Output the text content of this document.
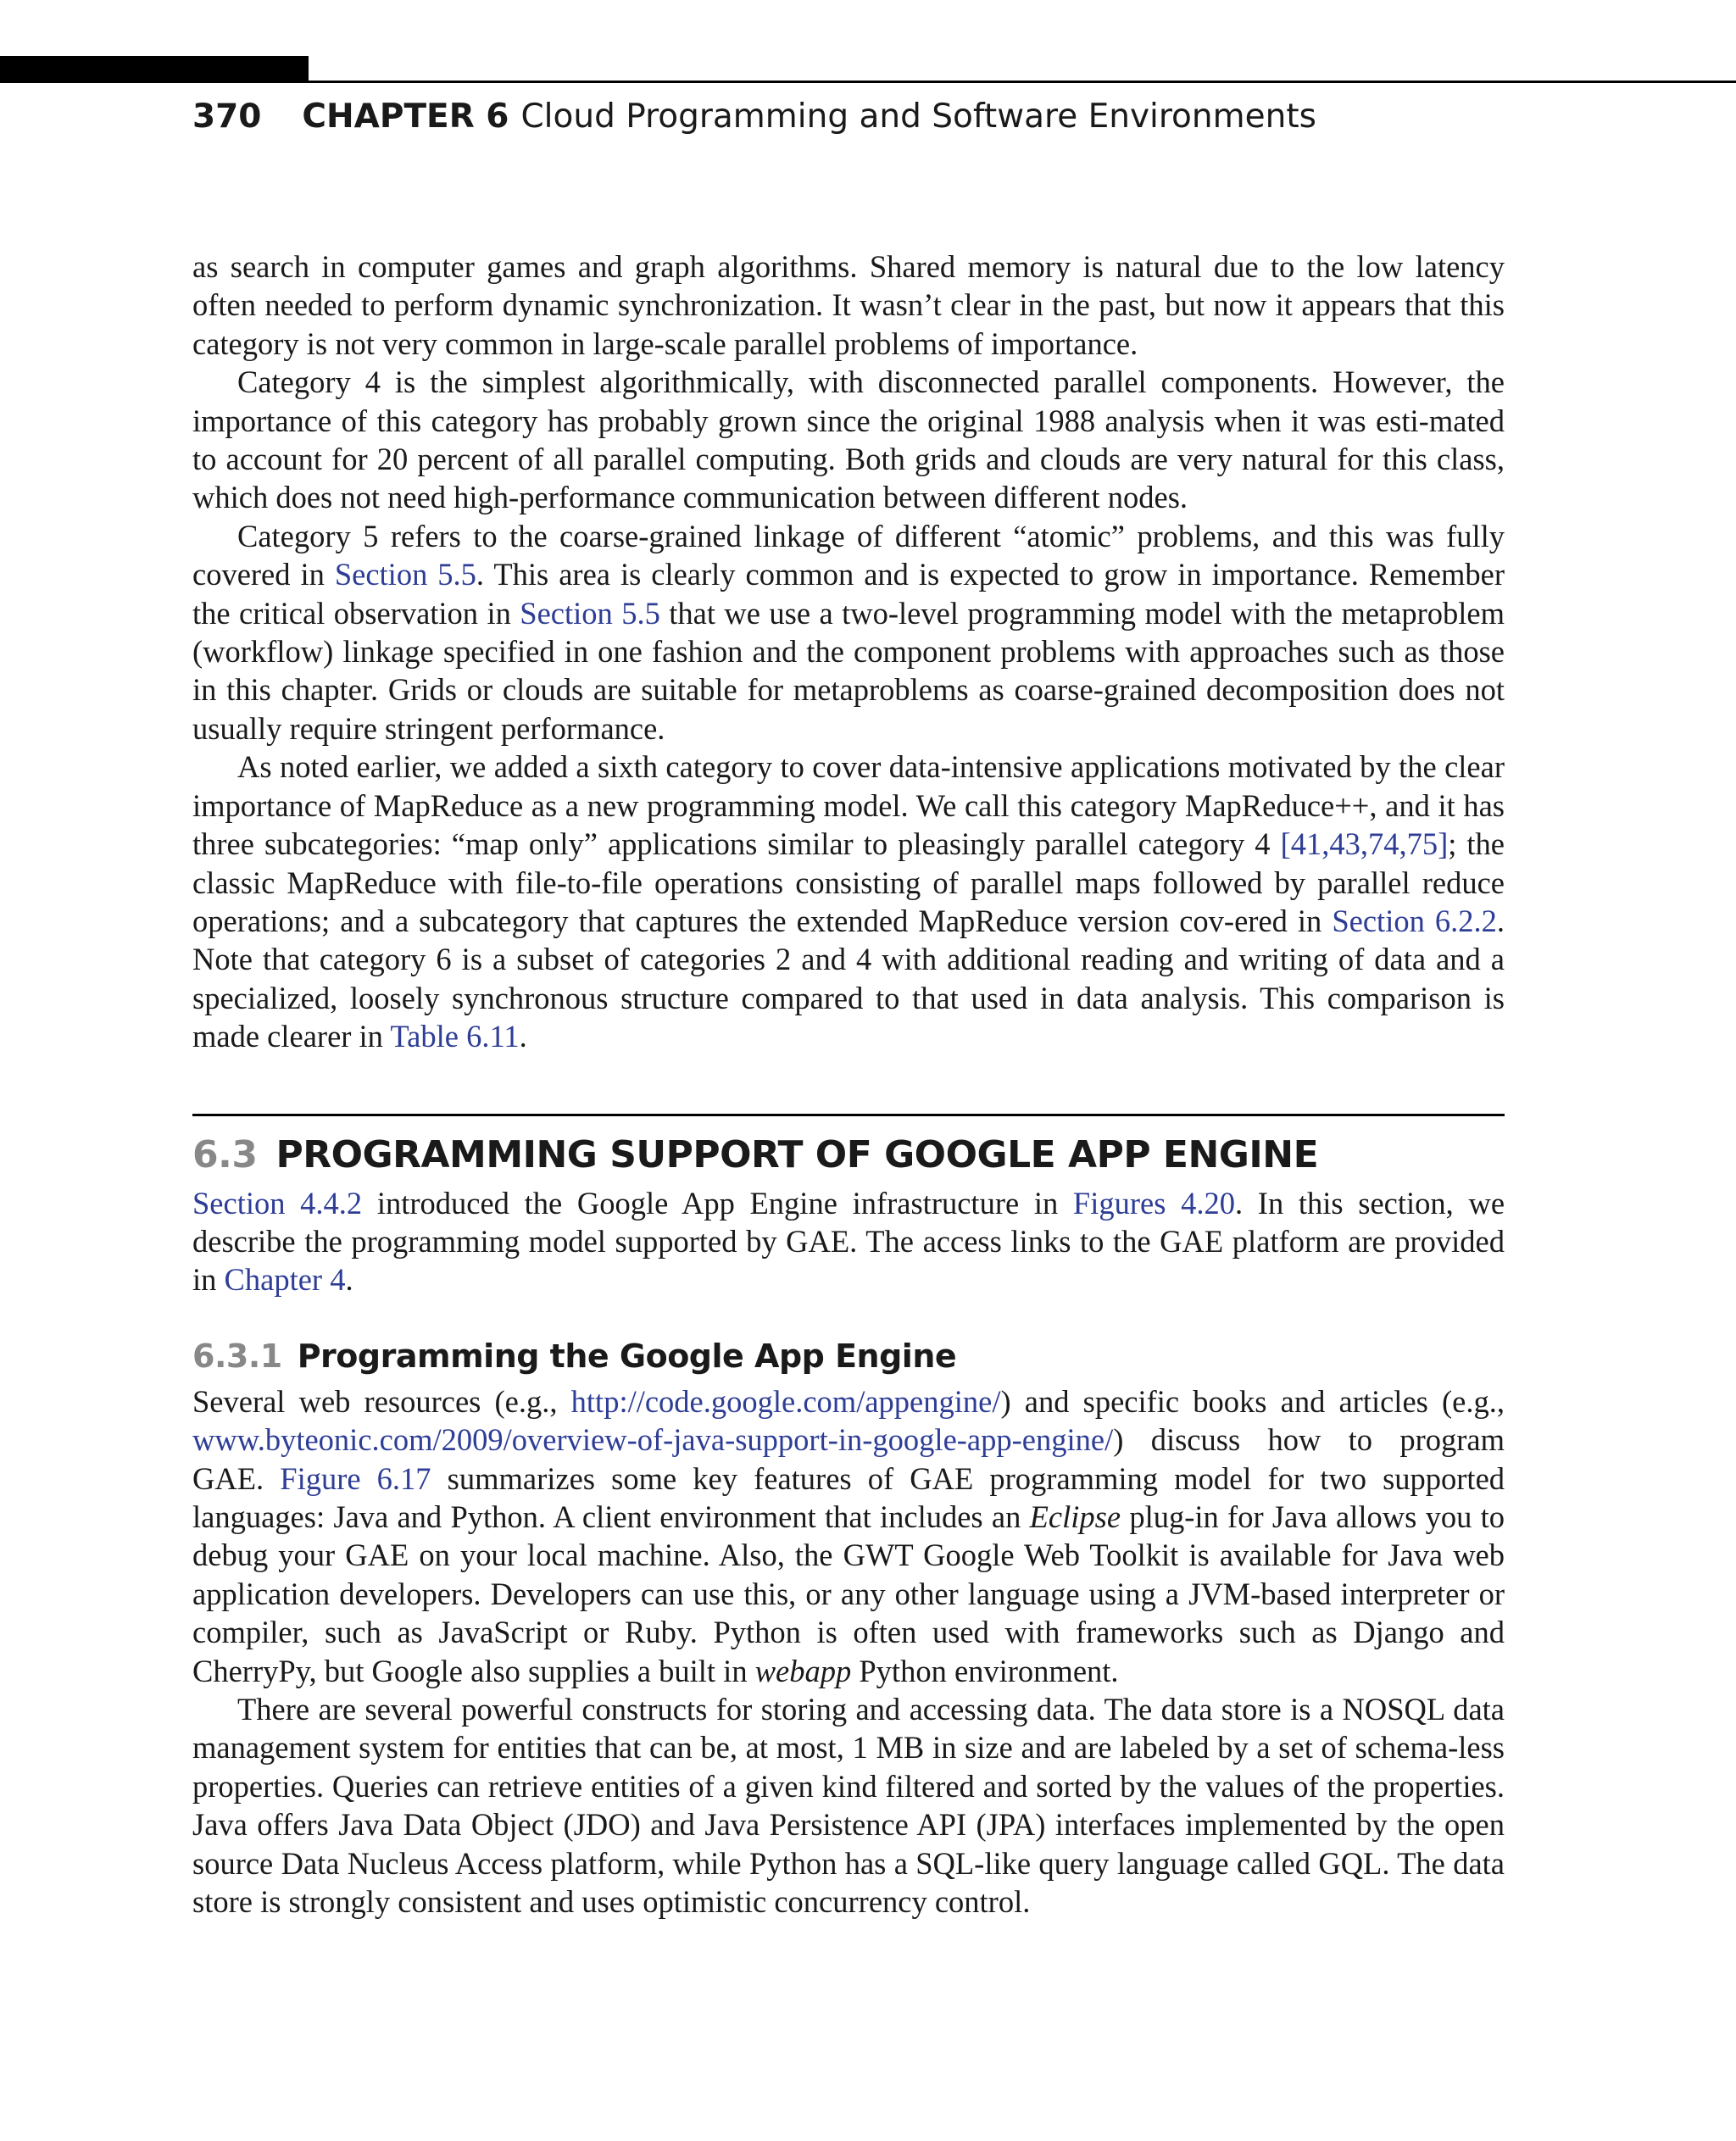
370 CHAPTER 6 Cloud Programming and Software Environments

as search in computer games and graph algorithms. Shared memory is natural due to the low latency often needed to perform dynamic synchronization. It wasn’t clear in the past, but now it appears that this category is not very common in large-scale parallel problems of importance.

Category 4 is the simplest algorithmically, with disconnected parallel components. However, the importance of this category has probably grown since the original 1988 analysis when it was esti-mated to account for 20 percent of all parallel computing. Both grids and clouds are very natural for this class, which does not need high-performance communication between different nodes.

Category 5 refers to the coarse-grained linkage of different “atomic” problems, and this was fully covered in Section 5.5. This area is clearly common and is expected to grow in importance. Remember the critical observation in Section 5.5 that we use a two-level programming model with the metaproblem (workflow) linkage specified in one fashion and the component problems with approaches such as those in this chapter. Grids or clouds are suitable for metaproblems as coarse-grained decomposition does not usually require stringent performance.

As noted earlier, we added a sixth category to cover data-intensive applications motivated by the clear importance of MapReduce as a new programming model. We call this category MapReduce++, and it has three subcategories: “map only” applications similar to pleasingly parallel category 4 [41,43,74,75]; the classic MapReduce with file-to-file operations consisting of parallel maps followed by parallel reduce operations; and a subcategory that captures the extended MapReduce version cov-ered in Section 6.2.2. Note that category 6 is a subset of categories 2 and 4 with additional reading and writing of data and a specialized, loosely synchronous structure compared to that used in data analysis. This comparison is made clearer in Table 6.11.

6.3 PROGRAMMING SUPPORT OF GOOGLE APP ENGINE

Section 4.4.2 introduced the Google App Engine infrastructure in Figures 4.20. In this section, we describe the programming model supported by GAE. The access links to the GAE platform are provided in Chapter 4.

6.3.1 Programming the Google App Engine

Several web resources (e.g., http://code.google.com/appengine/) and specific books and articles (e.g., www.byteonic.com/2009/overview-of-java-support-in-google-app-engine/) discuss how to program GAE. Figure 6.17 summarizes some key features of GAE programming model for two supported languages: Java and Python. A client environment that includes an Eclipse plug-in for Java allows you to debug your GAE on your local machine. Also, the GWT Google Web Toolkit is available for Java web application developers. Developers can use this, or any other language using a JVM-based interpreter or compiler, such as JavaScript or Ruby. Python is often used with frameworks such as Django and CherryPy, but Google also supplies a built in webapp Python environment.

There are several powerful constructs for storing and accessing data. The data store is a NOSQL data management system for entities that can be, at most, 1 MB in size and are labeled by a set of schema-less properties. Queries can retrieve entities of a given kind filtered and sorted by the values of the properties. Java offers Java Data Object (JDO) and Java Persistence API (JPA) interfaces implemented by the open source Data Nucleus Access platform, while Python has a SQL-like query language called GQL. The data store is strongly consistent and uses optimistic concurrency control.
